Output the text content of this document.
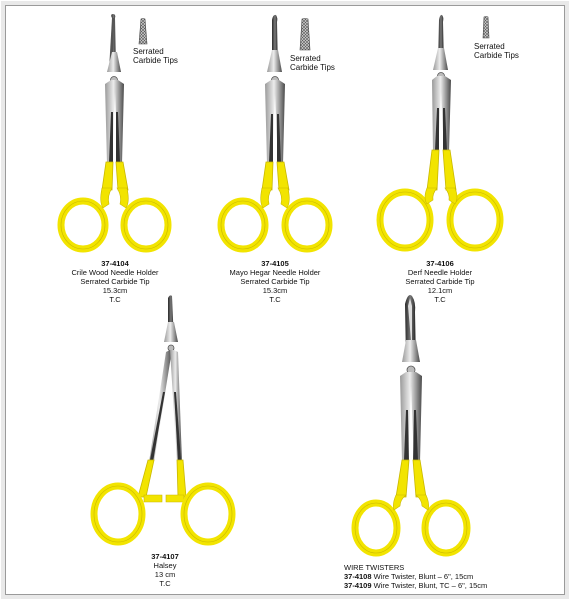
Serrated
Carbide Tips
37-4104
Crile Wood Needle Holder
Serrated Carbide Tip
15.3cm
T.C
Serrated
Carbide Tips
37-4105
Mayo Hegar Needle Holder
Serrated Carbide Tip
15.3cm
T.C
Serrated
Carbide Tips
37-4106
Derf Needle Holder
Serrated Carbide Tip
12.1cm
T.C
37-4107
Halsey
13 cm
T.C
WIRE TWISTERS
37-4108 Wire Twister, Blunt – 6", 15cm
37-4109 Wire Twister, Blunt, TC – 6", 15cm
